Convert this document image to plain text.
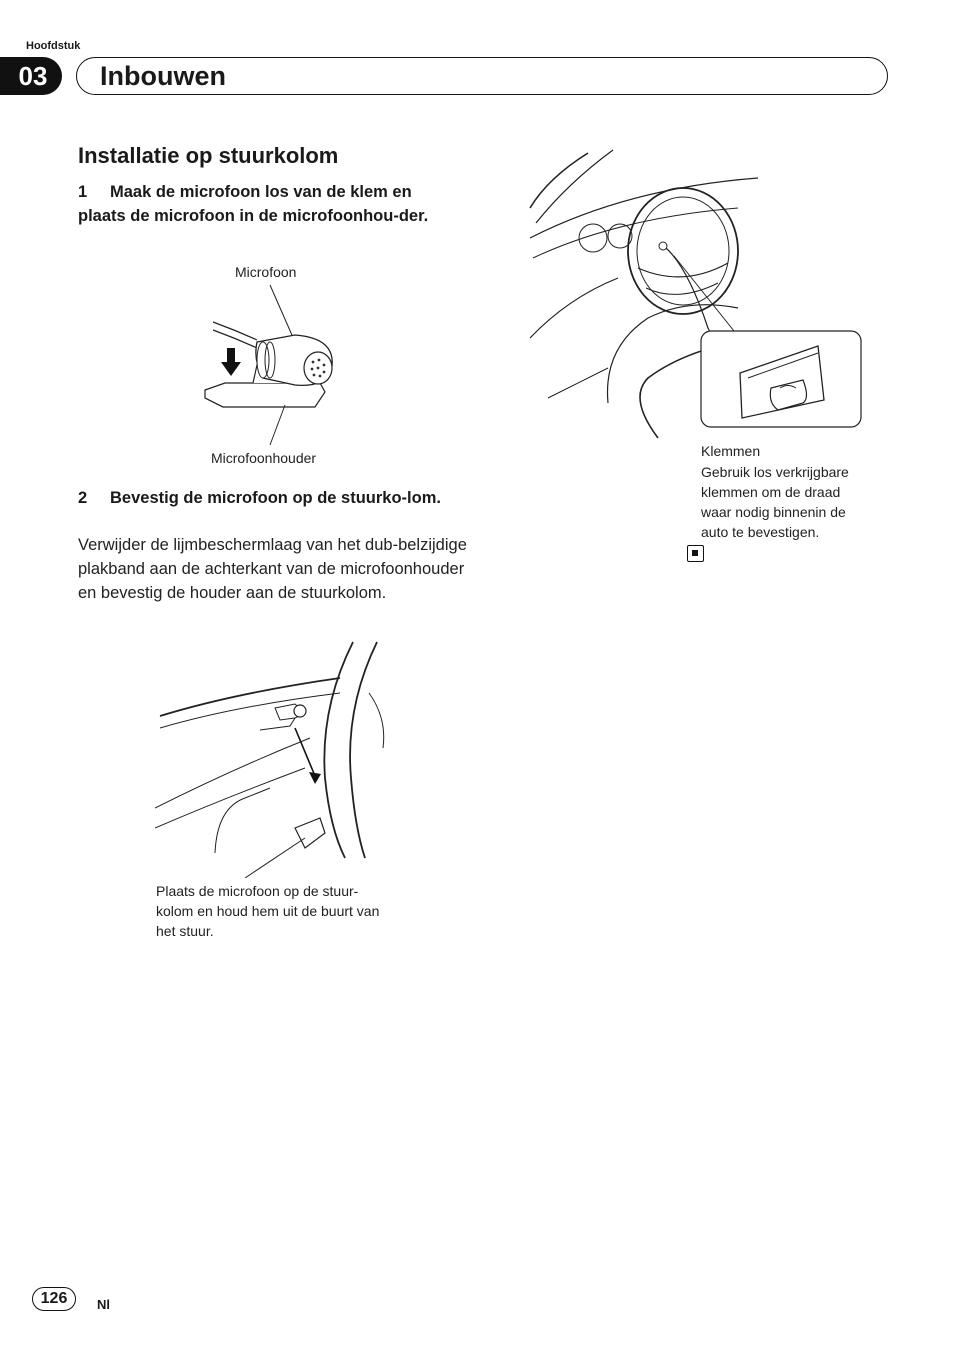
Hoofdstuk
03	Inbouwen
Installatie op stuurkolom
1 Maak de microfoon los van de klem en plaats de microfoon in de microfoonhou-der.
Microfoon
Microfoonhouder
2 Bevestig de microfoon op de stuurko-lom.
Verwijder de lijmbeschermlaag van het dub-belzijdige plakband aan de achterkant van de microfoonhouder en bevestig de houder aan de stuurkolom.
Plaats de microfoon op de stuur-kolom en houd hem uit de buurt van het stuur.
Klemmen
Gebruik los verkrijgbare klemmen om de draad waar nodig binnenin de auto te bevestigen.
126	Nl
